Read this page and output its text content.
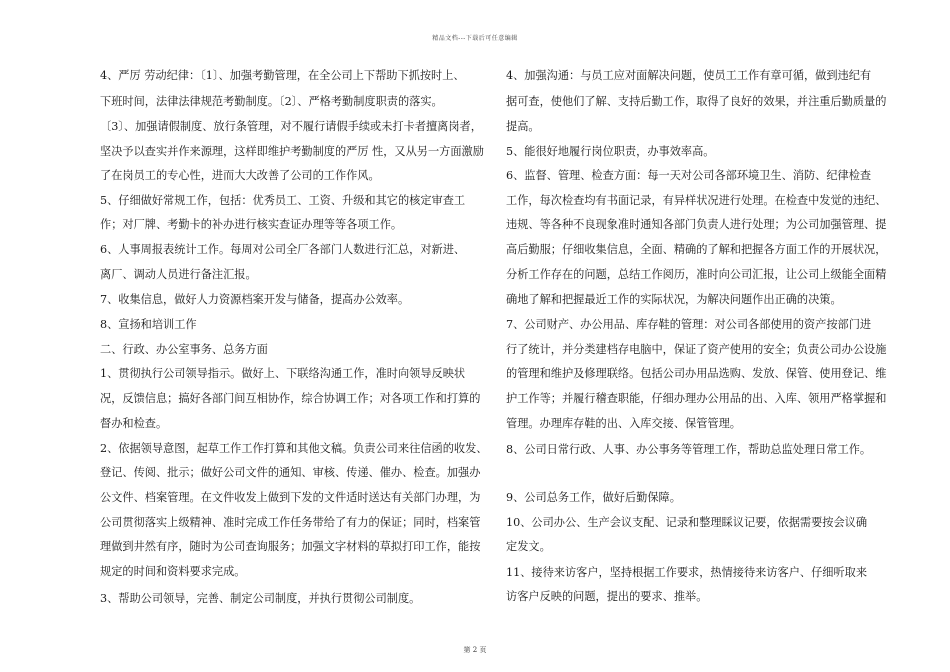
精品文档---下载后可任意编辑
4、严厉 劳动纪律：〔1〕、加强考勤管理，在全公司上下帮助下抓按时上、
下班时间，法律法律规范考勤制度。〔2〕、严格考勤制度职责的落实。
〔3〕、加强请假制度、放行条管理，对不履行请假手续或未打卡者擅离岗者，
坚决予以查实并作来源理，这样即维护考勤制度的严厉 性，又从另一方面激励
了在岗员工的专心性，进而大大改善了公司的工作作风。
5、仔细做好常规工作，包括：优秀员工、工资、升级和其它的核定审查工
作；对厂牌、考勤卡的补办进行核实查证办理等等各项工作。
6、人事周报表统计工作。每周对公司全厂各部门人数进行汇总，对新进、
离厂、调动人员进行备注汇报。
7、收集信息，做好人力资源档案开发与储备，提高办公效率。
8、宣扬和培训工作
二、行政、办公室事务、总务方面
1、贯彻执行公司领导指示。做好上、下联络沟通工作，准时向领导反映状
况，反馈信息；搞好各部门间互相协作，综合协调工作；对各项工作和打算的
督办和检查。
2、依据领导意图，起草工作工作打算和其他文稿。负责公司来往信函的收发、
登记、传阅、批示；做好公司文件的通知、审核、传递、催办、检查。加强办
公文件、档案管理。在文件收发上做到下发的文件适时送达有关部门办理，为
公司贯彻落实上级精神、准时完成工作任务带给了有力的保证；同时，档案管
理做到井然有序，随时为公司查询服务；加强文字材料的草拟打印工作，能按
规定的时间和资料要求完成。
3、帮助公司领导，完善、制定公司制度，并执行贯彻公司制度。
4、加强沟通：与员工应对面解决问题，使员工工作有章可循，做到违纪有
据可查，使他们了解、支持后勤工作，取得了良好的效果，并注重后勤质量的
提高。
5、能很好地履行岗位职责，办事效率高。
6、监督、管理、检查方面：每一天对公司各部环境卫生、消防、纪律检查
工作，每次检查均有书面记录，有异样状况进行处理。在检查中发觉的违纪、
违规、等各种不良现象准时通知各部门负责人进行处理；为公司加强管理、提
高后勤服；仔细收集信息，全面、精确的了解和把握各方面工作的开展状况，
分析工作存在的问题，总结工作阅历，准时向公司汇报，让公司上级能全面精
确地了解和把握最近工作的实际状况，为解决问题作出正确的决策。
7、公司财产、办公用品、库存鞋的管理：对公司各部使用的资产按部门进
行了统计，并分类建档存电脑中，保证了资产使用的安全；负责公司办公设施
的管理和维护及修理联络。包括公司办用品选购、发放、保管、使用登记、维
护工作等；并履行稽查职能，仔细办理办公用品的出、入库、领用严格掌握和
管理。办理库存鞋的出、入库交接、保管管理。
8、公司日常行政、人事、办公事务等管理工作，帮助总监处理日常工作。
9、公司总务工作，做好后勤保障。
10、公司办公、生产会议支配、记录和整理睬议记要，依据需要按会议确
定发文。
11、接待来访客户，坚持根据工作要求，热情接待来访客户、仔细听取来
访客户反映的问题，提出的要求、推举。
第 2 页
